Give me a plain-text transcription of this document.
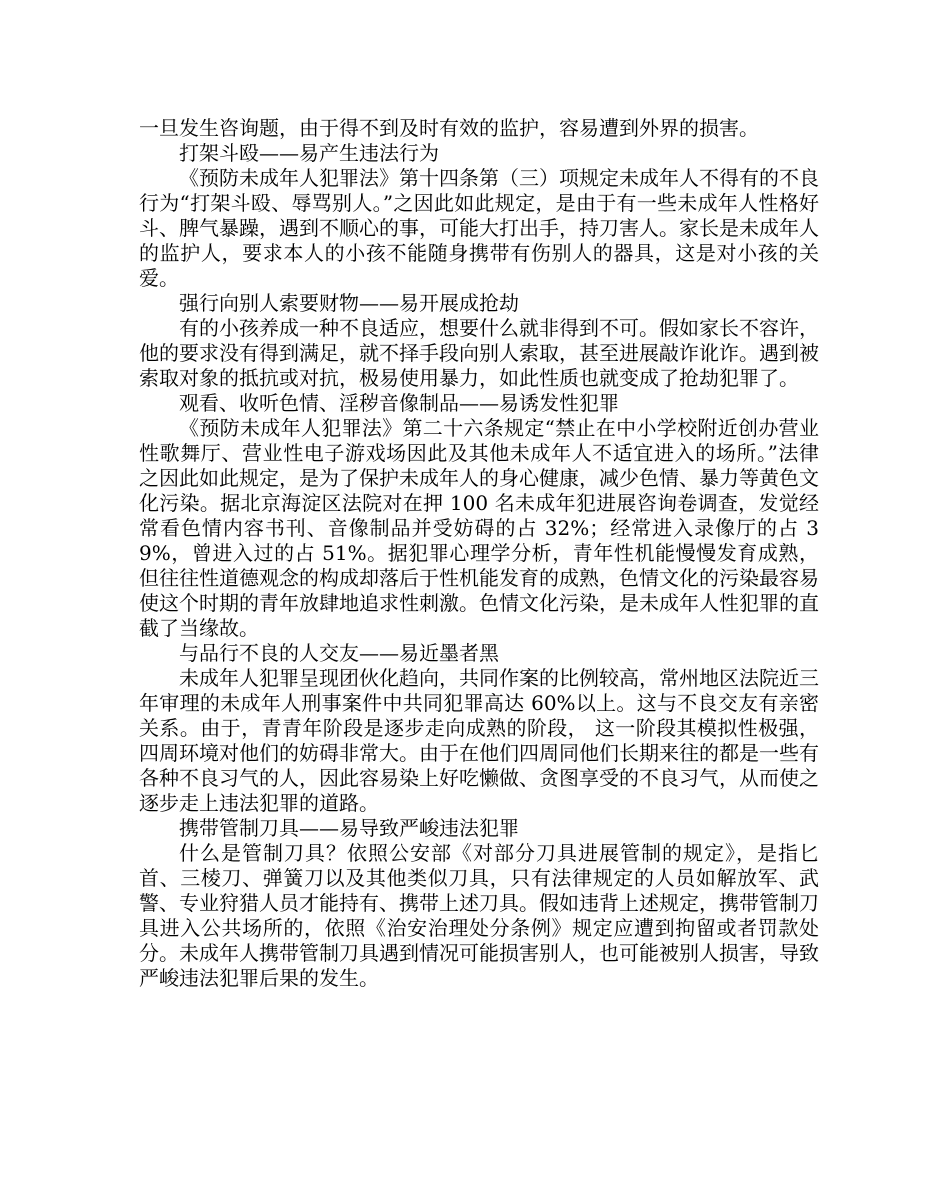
一旦发生咨询题，由于得不到及时有效的监护，容易遭到外界的损害。

打架斗殴——易产生违法行为

《预防未成年人犯罪法》第十四条第（三）项规定未成年人不得有的不良行为“打架斗殴、辱骂别人。”之因此如此规定，是由于有一些未成年人性格好斗、脾气暴躁，遇到不顺心的事，可能大打出手，持刀害人。家长是未成年人的监护人，要求本人的小孩不能随身携带有伤别人的器具，这是对小孩的关爱。

强行向别人索要财物——易开展成抢劫

有的小孩养成一种不良适应，想要什么就非得到不可。假如家长不容许，他的要求没有得到满足，就不择手段向别人索取，甚至进展敲诈讹诈。遇到被索取对象的抵抗或对抗，极易使用暴力，如此性质也就变成了抢劫犯罪了。

观看、收听色情、淫秽音像制品——易诱发性犯罪

《预防未成年人犯罪法》第二十六条规定“禁止在中小学校附近创办营业性歌舞厅、营业性电子游戏场因此及其他未成年人不适宜进入的场所。”法律之因此如此规定，是为了保护未成年人的身心健康，减少色情、暴力等黄色文化污染。据北京海淀区法院对在押 100 名未成年犯进展咨询卷调查，发觉经常看色情内容书刊、音像制品并受妨碍的占 32%；经常进入录像厅的占 39%，曾进入过的占 51%。据犯罪心理学分析，青年性机能慢慢发育成熟，但往往性道德观念的构成却落后于性机能发育的成熟，色情文化的污染最容易使这个时期的青年放肆地追求性刺激。色情文化污染，是未成年人性犯罪的直截了当缘故。

与品行不良的人交友——易近墨者黑

未成年人犯罪呈现团伙化趋向，共同作案的比例较高，常州地区法院近三年审理的未成年人刑事案件中共同犯罪高达 60%以上。这与不良交友有亲密关系。由于，青青年阶段是逐步走向成熟的阶段， 这一阶段其模拟性极强，四周环境对他们的妨碍非常大。由于在他们四周同他们长期来往的都是一些有各种不良习气的人，因此容易染上好吃懒做、贪图享受的不良习气，从而使之逐步走上违法犯罪的道路。

携带管制刀具——易导致严峻违法犯罪

什么是管制刀具？依照公安部《对部分刀具进展管制的规定》，是指匕首、三棱刀、弹簧刀以及其他类似刀具，只有法律规定的人员如解放军、武警、专业狩猎人员才能持有、携带上述刀具。假如违背上述规定，携带管制刀具进入公共场所的，依照《治安治理处分条例》规定应遭到拘留或者罚款处分。未成年人携带管制刀具遇到情况可能损害别人，也可能被别人损害，导致严峻违法犯罪后果的发生。
